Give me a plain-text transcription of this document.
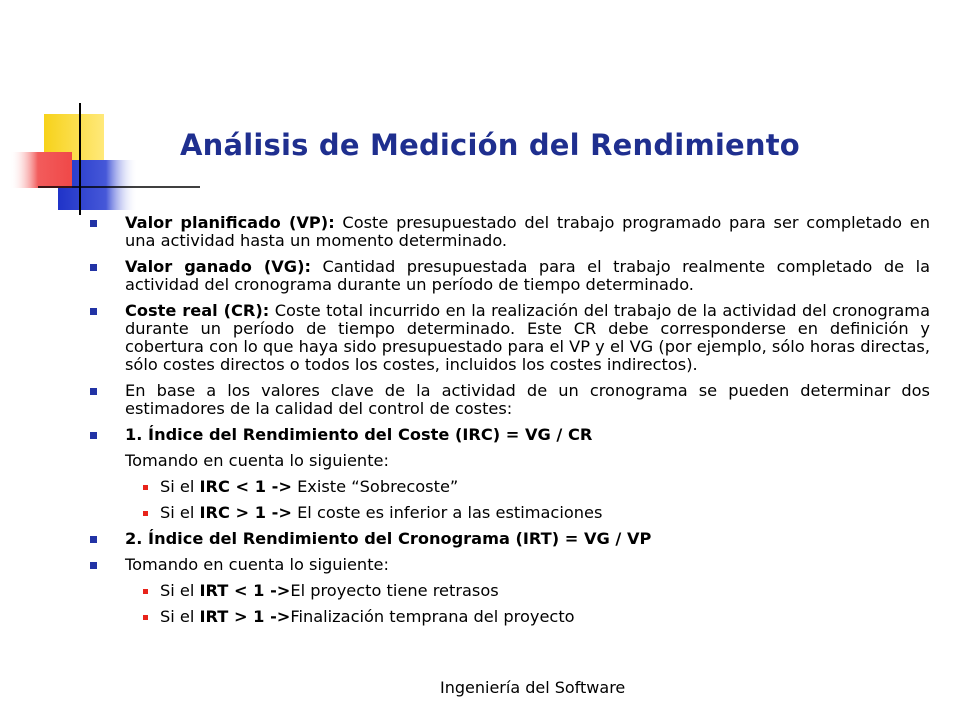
Análisis de Medición del Rendimiento
Valor planificado (VP): Coste presupuestado del trabajo programado para ser completado en una actividad hasta un momento determinado.
Valor ganado (VG): Cantidad presupuestada para el trabajo realmente completado de la actividad del cronograma durante un período de tiempo determinado.
Coste real (CR): Coste total incurrido en la realización del trabajo de la actividad del cronograma durante un período de tiempo determinado. Este CR debe corresponderse en definición y cobertura con lo que haya sido presupuestado para el VP y el VG (por ejemplo, sólo horas directas, sólo costes directos o todos los costes, incluidos los costes indirectos).
En base a los valores clave de la actividad de un cronograma se pueden determinar dos estimadores de la calidad del control de costes:
1. Índice del Rendimiento del Coste (IRC) = VG / CR
Tomando en cuenta lo siguiente:
Si el IRC < 1 -> Existe “Sobrecoste”
Si el IRC > 1 -> El coste es inferior a las estimaciones
2. Índice del Rendimiento del Cronograma (IRT) = VG / VP
Tomando en cuenta lo siguiente:
Si el IRT < 1 ->El proyecto tiene retrasos
Si el IRT > 1 ->Finalización temprana del proyecto
Ingeniería del Software
